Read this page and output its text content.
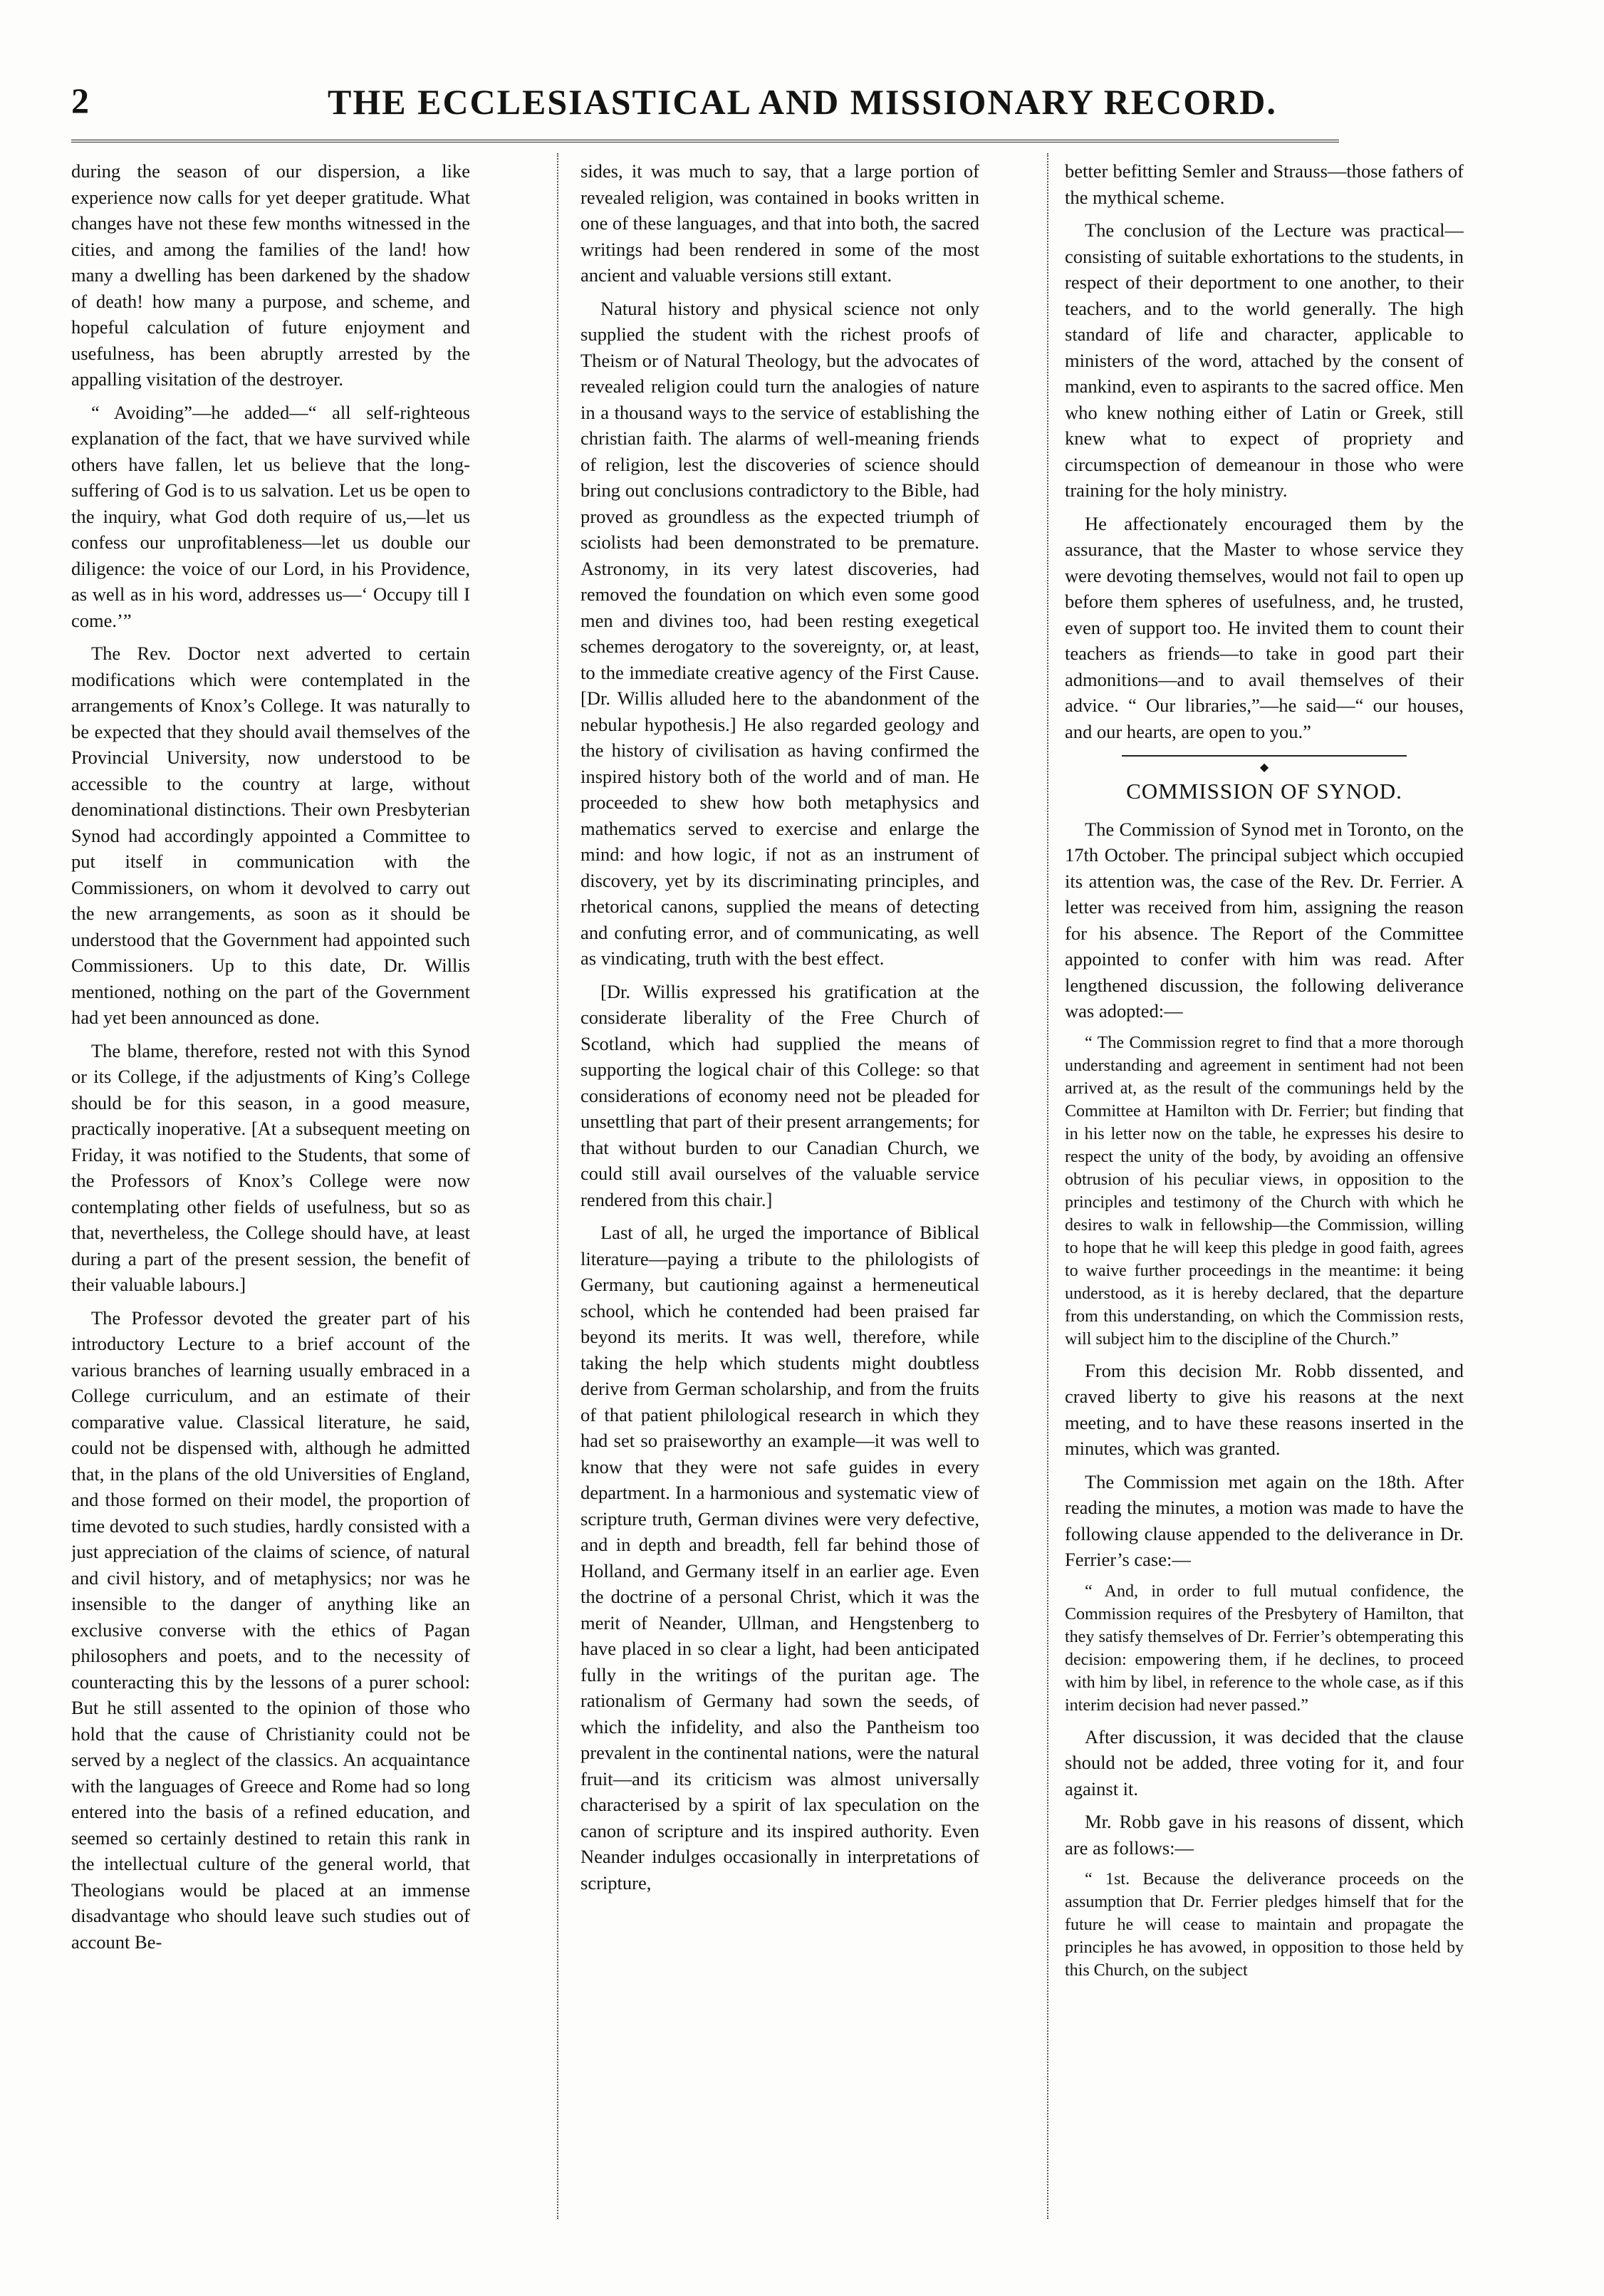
2	THE ECCLESIASTICAL AND MISSIONARY RECORD.

during the season of our dispersion, a like experience now calls for yet deeper gratitude. What changes have not these few months witnessed in the cities, and among the families of the land! how many a dwelling has been darkened by the shadow of death! how many a purpose, and scheme, and hopeful calculation of future enjoyment and usefulness, has been abruptly arrested by the appalling visitation of the destroyer.

“ Avoiding”—he added—“ all self-righteous explanation of the fact, that we have survived while others have fallen, let us believe that the long-suffering of God is to us salvation. Let us be open to the inquiry, what God doth require of us,—let us confess our unprofitableness—let us double our diligence: the voice of our Lord, in his Providence, as well as in his word, addresses us—‘ Occupy till I come.’”

The Rev. Doctor next adverted to certain modifications which were contemplated in the arrangements of Knox’s College. It was naturally to be expected that they should avail themselves of the Provincial University, now understood to be accessible to the country at large, without denominational distinctions. Their own Presbyterian Synod had accordingly appointed a Committee to put itself in communication with the Commissioners, on whom it devolved to carry out the new arrangements, as soon as it should be understood that the Government had appointed such Commissioners. Up to this date, Dr. Willis mentioned, nothing on the part of the Government had yet been announced as done.

The blame, therefore, rested not with this Synod or its College, if the adjustments of King’s College should be for this season, in a good measure, practically inoperative. [At a subsequent meeting on Friday, it was notified to the Students, that some of the Professors of Knox’s College were now contemplating other fields of usefulness, but so as that, nevertheless, the College should have, at least during a part of the present session, the benefit of their valuable labours.]

The Professor devoted the greater part of his introductory Lecture to a brief account of the various branches of learning usually embraced in a College curriculum, and an estimate of their comparative value. Classical literature, he said, could not be dispensed with, although he admitted that, in the plans of the old Universities of England, and those formed on their model, the proportion of time devoted to such studies, hardly consisted with a just appreciation of the claims of science, of natural and civil history, and of metaphysics; nor was he insensible to the danger of anything like an exclusive converse with the ethics of Pagan philosophers and poets, and to the necessity of counteracting this by the lessons of a purer school: But he still assented to the opinion of those who hold that the cause of Christianity could not be served by a neglect of the classics. An acquaintance with the languages of Greece and Rome had so long entered into the basis of a refined education, and seemed so certainly destined to retain this rank in the intellectual culture of the general world, that Theologians would be placed at an immense disadvantage who should leave such studies out of account Be-

sides, it was much to say, that a large portion of revealed religion, was contained in books written in one of these languages, and that into both, the sacred writings had been rendered in some of the most ancient and valuable versions still extant.

Natural history and physical science not only supplied the student with the richest proofs of Theism or of Natural Theology, but the advocates of revealed religion could turn the analogies of nature in a thousand ways to the service of establishing the christian faith. The alarms of well-meaning friends of religion, lest the discoveries of science should bring out conclusions contradictory to the Bible, had proved as groundless as the expected triumph of sciolists had been demonstrated to be premature. Astronomy, in its very latest discoveries, had removed the foundation on which even some good men and divines too, had been resting exegetical schemes derogatory to the sovereignty, or, at least, to the immediate creative agency of the First Cause. [Dr. Willis alluded here to the abandonment of the nebular hypothesis.] He also regarded geology and the history of civilisation as having confirmed the inspired history both of the world and of man. He proceeded to shew how both metaphysics and mathematics served to exercise and enlarge the mind: and how logic, if not as an instrument of discovery, yet by its discriminating principles, and rhetorical canons, supplied the means of detecting and confuting error, and of communicating, as well as vindicating, truth with the best effect.

[Dr. Willis expressed his gratification at the considerate liberality of the Free Church of Scotland, which had supplied the means of supporting the logical chair of this College: so that considerations of economy need not be pleaded for unsettling that part of their present arrangements; for that without burden to our Canadian Church, we could still avail ourselves of the valuable service rendered from this chair.]

Last of all, he urged the importance of Biblical literature—paying a tribute to the philologists of Germany, but cautioning against a hermeneutical school, which he contended had been praised far beyond its merits. It was well, therefore, while taking the help which students might doubtless derive from German scholarship, and from the fruits of that patient philological research in which they had set so praiseworthy an example—it was well to know that they were not safe guides in every department. In a harmonious and systematic view of scripture truth, German divines were very defective, and in depth and breadth, fell far behind those of Holland, and Germany itself in an earlier age. Even the doctrine of a personal Christ, which it was the merit of Neander, Ullman, and Hengstenberg to have placed in so clear a light, had been anticipated fully in the writings of the puritan age. The rationalism of Germany had sown the seeds, of which the infidelity, and also the Pantheism too prevalent in the continental nations, were the natural fruit—and its criticism was almost universally characterised by a spirit of lax speculation on the canon of scripture and its inspired authority. Even Neander indulges occasionally in interpretations of scripture,

better befitting Semler and Strauss—those fathers of the mythical scheme.

The conclusion of the Lecture was practical—consisting of suitable exhortations to the students, in respect of their deportment to one another, to their teachers, and to the world generally. The high standard of life and character, applicable to ministers of the word, attached by the consent of mankind, even to aspirants to the sacred office. Men who knew nothing either of Latin or Greek, still knew what to expect of propriety and circumspection of demeanour in those who were training for the holy ministry.

He affectionately encouraged them by the assurance, that the Master to whose service they were devoting themselves, would not fail to open up before them spheres of usefulness, and, he trusted, even of support too. He invited them to count their teachers as friends—to take in good part their admonitions—and to avail themselves of their advice. “ Our libraries,”—he said—“ our houses, and our hearts, are open to you.”

◆
COMMISSION OF SYNOD.

The Commission of Synod met in Toronto, on the 17th October. The principal subject which occupied its attention was, the case of the Rev. Dr. Ferrier. A letter was received from him, assigning the reason for his absence. The Report of the Committee appointed to confer with him was read. After lengthened discussion, the following deliverance was adopted:—

“ The Commission regret to find that a more thorough understanding and agreement in sentiment had not been arrived at, as the result of the communings held by the Committee at Hamilton with Dr. Ferrier; but finding that in his letter now on the table, he expresses his desire to respect the unity of the body, by avoiding an offensive obtrusion of his peculiar views, in opposition to the principles and testimony of the Church with which he desires to walk in fellowship—the Commission, willing to hope that he will keep this pledge in good faith, agrees to waive further proceedings in the meantime: it being understood, as it is hereby declared, that the departure from this understanding, on which the Commission rests, will subject him to the discipline of the Church.”

From this decision Mr. Robb dissented, and craved liberty to give his reasons at the next meeting, and to have these reasons inserted in the minutes, which was granted.

The Commission met again on the 18th. After reading the minutes, a motion was made to have the following clause appended to the deliverance in Dr. Ferrier’s case:—

“ And, in order to full mutual confidence, the Commission requires of the Presbytery of Hamilton, that they satisfy themselves of Dr. Ferrier’s obtemperating this decision: empowering them, if he declines, to proceed with him by libel, in reference to the whole case, as if this interim decision had never passed.”

After discussion, it was decided that the clause should not be added, three voting for it, and four against it.

Mr. Robb gave in his reasons of dissent, which are as follows:—

“ 1st. Because the deliverance proceeds on the assumption that Dr. Ferrier pledges himself that for the future he will cease to maintain and propagate the principles he has avowed, in opposition to those held by this Church, on the subject
